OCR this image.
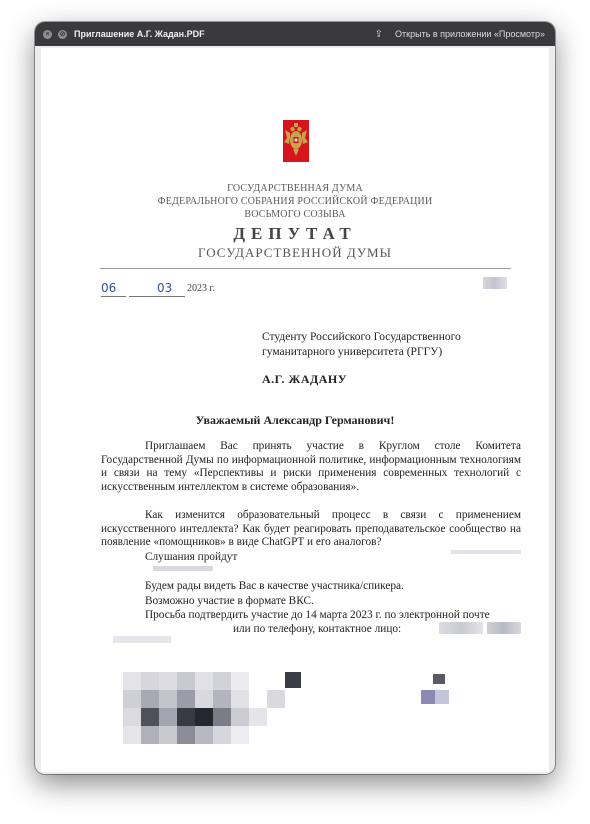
×	⊘ Приглашение А.Г. Жадан.PDF	⇪ Открыть в приложении «Просмотр»
ГОСУДАРСТВЕННАЯ ДУМА
ФЕДЕРАЛЬНОГО СОБРАНИЯ РОССИЙСКОЙ ФЕДЕРАЦИИ
ВОСЬМОГО СОЗЫВА
ДЕПУТАТ
ГОСУДАРСТВЕННОЙ ДУМЫ
06	03	2023 г.
Студенту Российского Государственного
гуманитарного университета (РГГУ)
А.Г. ЖАДАНУ
Уважаемый Александр Германович!
Приглашаем Вас принять участие в Круглом столе Комитета Государственной Думы по информационной политике, информационным технологиям и связи на тему «Перспективы и риски применения современных технологий с искусственным интеллектом в системе образования».
Как изменится образовательный процесс в связи с применением искусственного интеллекта? Как будет реагировать преподавательское сообщество на появление «помощников» в виде ChatGPT и его аналогов?
Слушания пройдут
Будем рады видеть Вас в качестве участника/спикера.
Возможно участие в формате ВКС.
Просьба подтвердить участие до 14 марта 2023 г. по электронной почте
или по телефону, контактное лицо:
